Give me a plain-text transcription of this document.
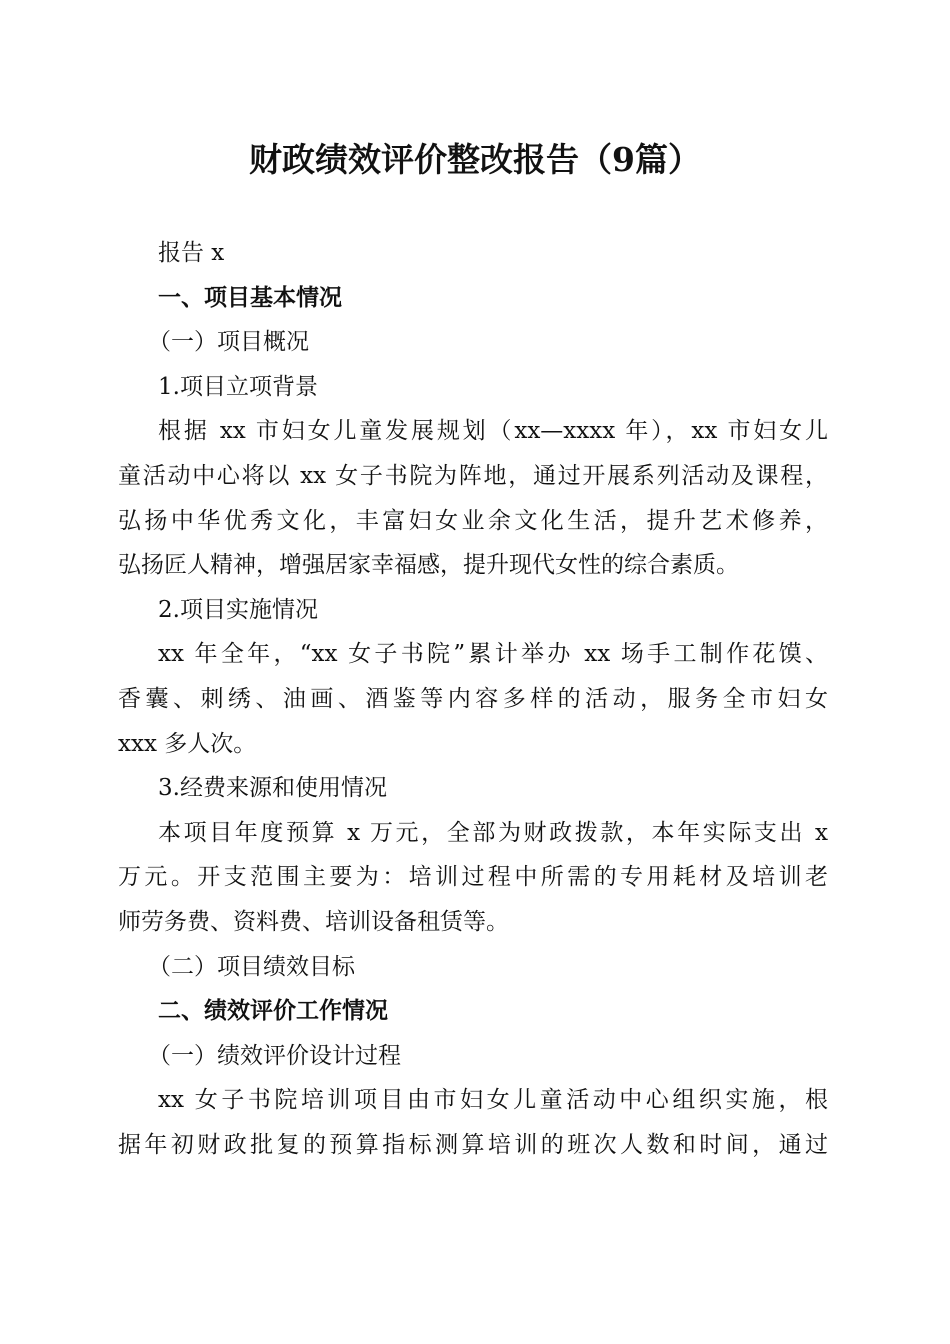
财政绩效评价整改报告（9篇）
报告 x
一、项目基本情况
（一）项目概况
1.项目立项背景
根据 xx 市妇女儿童发展规划（xx—xxxx 年），xx 市妇女儿
童活动中心将以 xx 女子书院为阵地，通过开展系列活动及课程，
弘扬中华优秀文化，丰富妇女业余文化生活，提升艺术修养，
弘扬匠人精神，增强居家幸福感，提升现代女性的综合素质。
2.项目实施情况
xx 年全年，“xx 女子书院”累计举办 xx 场手工制作花馍、
香囊、刺绣、油画、酒鉴等内容多样的活动，服务全市妇女
xxx 多人次。
3.经费来源和使用情况
本项目年度预算 x 万元，全部为财政拨款，本年实际支出 x
万元。开支范围主要为：培训过程中所需的专用耗材及培训老
师劳务费、资料费、培训设备租赁等。
（二）项目绩效目标
二、绩效评价工作情况
（一）绩效评价设计过程
xx 女子书院培训项目由市妇女儿童活动中心组织实施，根
据年初财政批复的预算指标测算培训的班次人数和时间，通过
